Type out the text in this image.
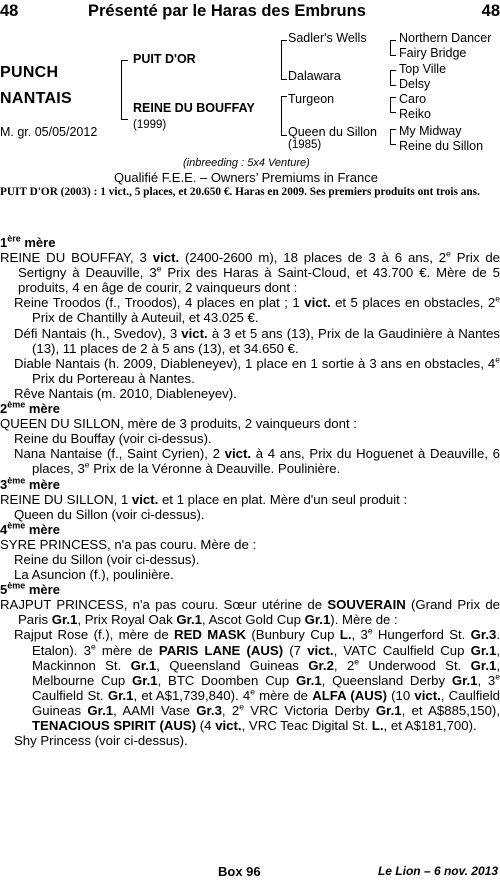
48	Présenté par le Haras des Embruns	48
PUNCH
NANTAIS
M. gr. 05/05/2012
PUIT D'OR
REINE DU BOUFFAY
(1999)
Sadler's Wells
Dalawara
Turgeon
Queen du Sillon
(1985)
Northern Dancer
Fairy Bridge
Top Ville
Delsy
Caro
Reiko
My Midway
Reine du Sillon
(inbreeding : 5x4 Venture)
Qualifié F.E.E. – Owners’ Premiums in France

PUIT D'OR (2003) : 1 vict., 5 places, et 20.650 €. Haras en 2009. Ses premiers produits ont trois ans.

1ère mère

REINE DU BOUFFAY, 3 vict. (2400-2600 m), 18 places de 3 à 6 ans, 2e Prix de Sertigny à Deauville, 3e Prix des Haras à Saint-Cloud, et 43.700 €. Mère de 5 produits, 4 en âge de courir, 2 vainqueurs dont :

Reine Troodos (f., Troodos), 4 places en plat ; 1 vict. et 5 places en obstacles, 2e Prix de Chantilly à Auteuil, et 43.025 €.

Défi Nantais (h., Svedov), 3 vict. à 3 et 5 ans (13), Prix de la Gaudinière à Nantes (13), 11 places de 2 à 5 ans (13), et 34.650 €.

Diable Nantais (h. 2009, Diableneyev), 1 place en 1 sortie à 3 ans en obstacles, 4e Prix du Portereau à Nantes.

Rêve Nantais (m. 2010, Diableneyev).

2ème mère

QUEEN DU SILLON, mère de 3 produits, 2 vainqueurs dont :

Reine du Bouffay (voir ci-dessus).

Nana Nantaise (f., Saint Cyrien), 2 vict. à 4 ans, Prix du Hoguenet à Deauville, 6 places, 3e Prix de la Véronne à Deauville. Poulinière.

3ème mère

REINE DU SILLON, 1 vict. et 1 place en plat. Mère d'un seul produit :

Queen du Sillon (voir ci-dessus).

4ème mère

SYRE PRINCESS, n'a pas couru. Mère de :

Reine du Sillon (voir ci-dessus).

La Asuncion (f.), poulinière.

5ème mère

RAJPUT PRINCESS, n'a pas couru. Sœur utérine de SOUVERAIN (Grand Prix de Paris Gr.1, Prix Royal Oak Gr.1, Ascot Gold Cup Gr.1). Mère de :

Rajput Rose (f.), mère de RED MASK (Bunbury Cup L., 3e Hungerford St. Gr.3. Etalon). 3e mère de PARIS LANE (AUS) (7 vict., VATC Caulfield Cup Gr.1, Mackinnon St. Gr.1, Queensland Guineas Gr.2, 2e Underwood St. Gr.1, Melbourne Cup Gr.1, BTC Doomben Cup Gr.1, Queensland Derby Gr.1, 3e Caulfield St. Gr.1, et A$1,739,840). 4e mère de ALFA (AUS) (10 vict., Caulfield Guineas Gr.1, AAMI Vase Gr.3, 2e VRC Victoria Derby Gr.1, et A$885,150), TENACIOUS SPIRIT (AUS) (4 vict., VRC Teac Digital St. L., et A$181,700).

Shy Princess (voir ci-dessus).

Box 96	Le Lion – 6 nov. 2013
